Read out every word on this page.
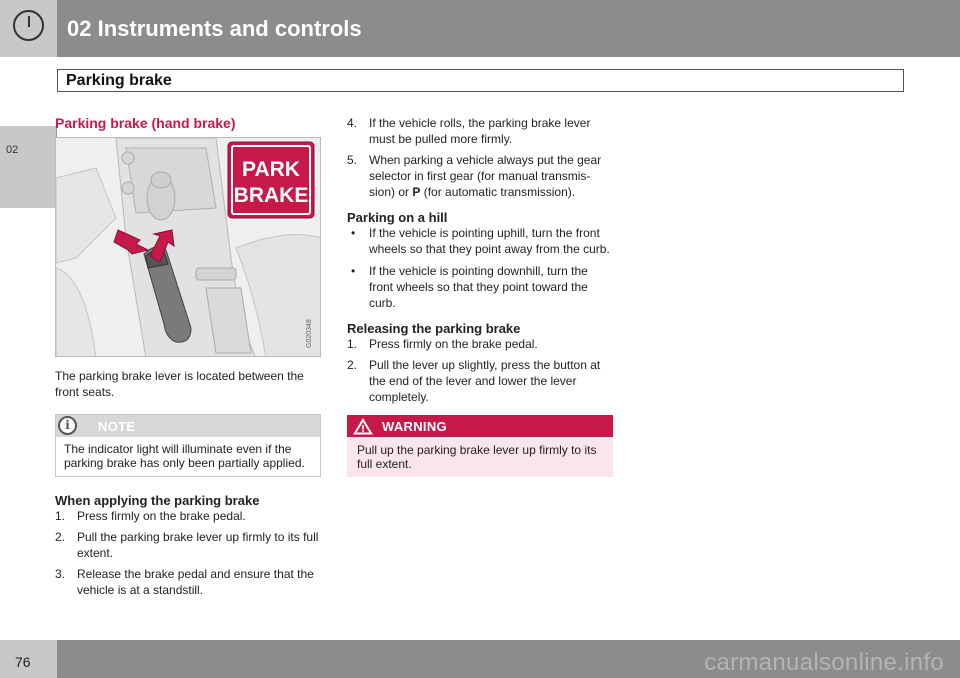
02 Instruments and controls
Parking brake
02
Parking brake (hand brake)
PARK
BRAKE
G020348

The parking brake lever is located between the front seats.

i	NOTE
The indicator light will illuminate even if the parking brake has only been partially applied.
When applying the parking brake
1. Press firmly on the brake pedal.
2. Pull the parking brake lever up firmly to its full extent.
3. Release the brake pedal and ensure that the vehicle is at a standstill.
4. If the vehicle rolls, the parking brake lever must be pulled more firmly.
5. When parking a vehicle always put the gear selector in first gear (for manual transmis-sion) or P (for automatic transmission).
Parking on a hill
• If the vehicle is pointing uphill, turn the front wheels so that they point away from the curb.
• If the vehicle is pointing downhill, turn the front wheels so that they point toward the curb.
Releasing the parking brake
1. Press firmly on the brake pedal.
2. Pull the lever up slightly, press the button at the end of the lever and lower the lever completely.
WARNING
Pull up the parking brake lever up firmly to its full extent.
76	carmanualsonline.info
